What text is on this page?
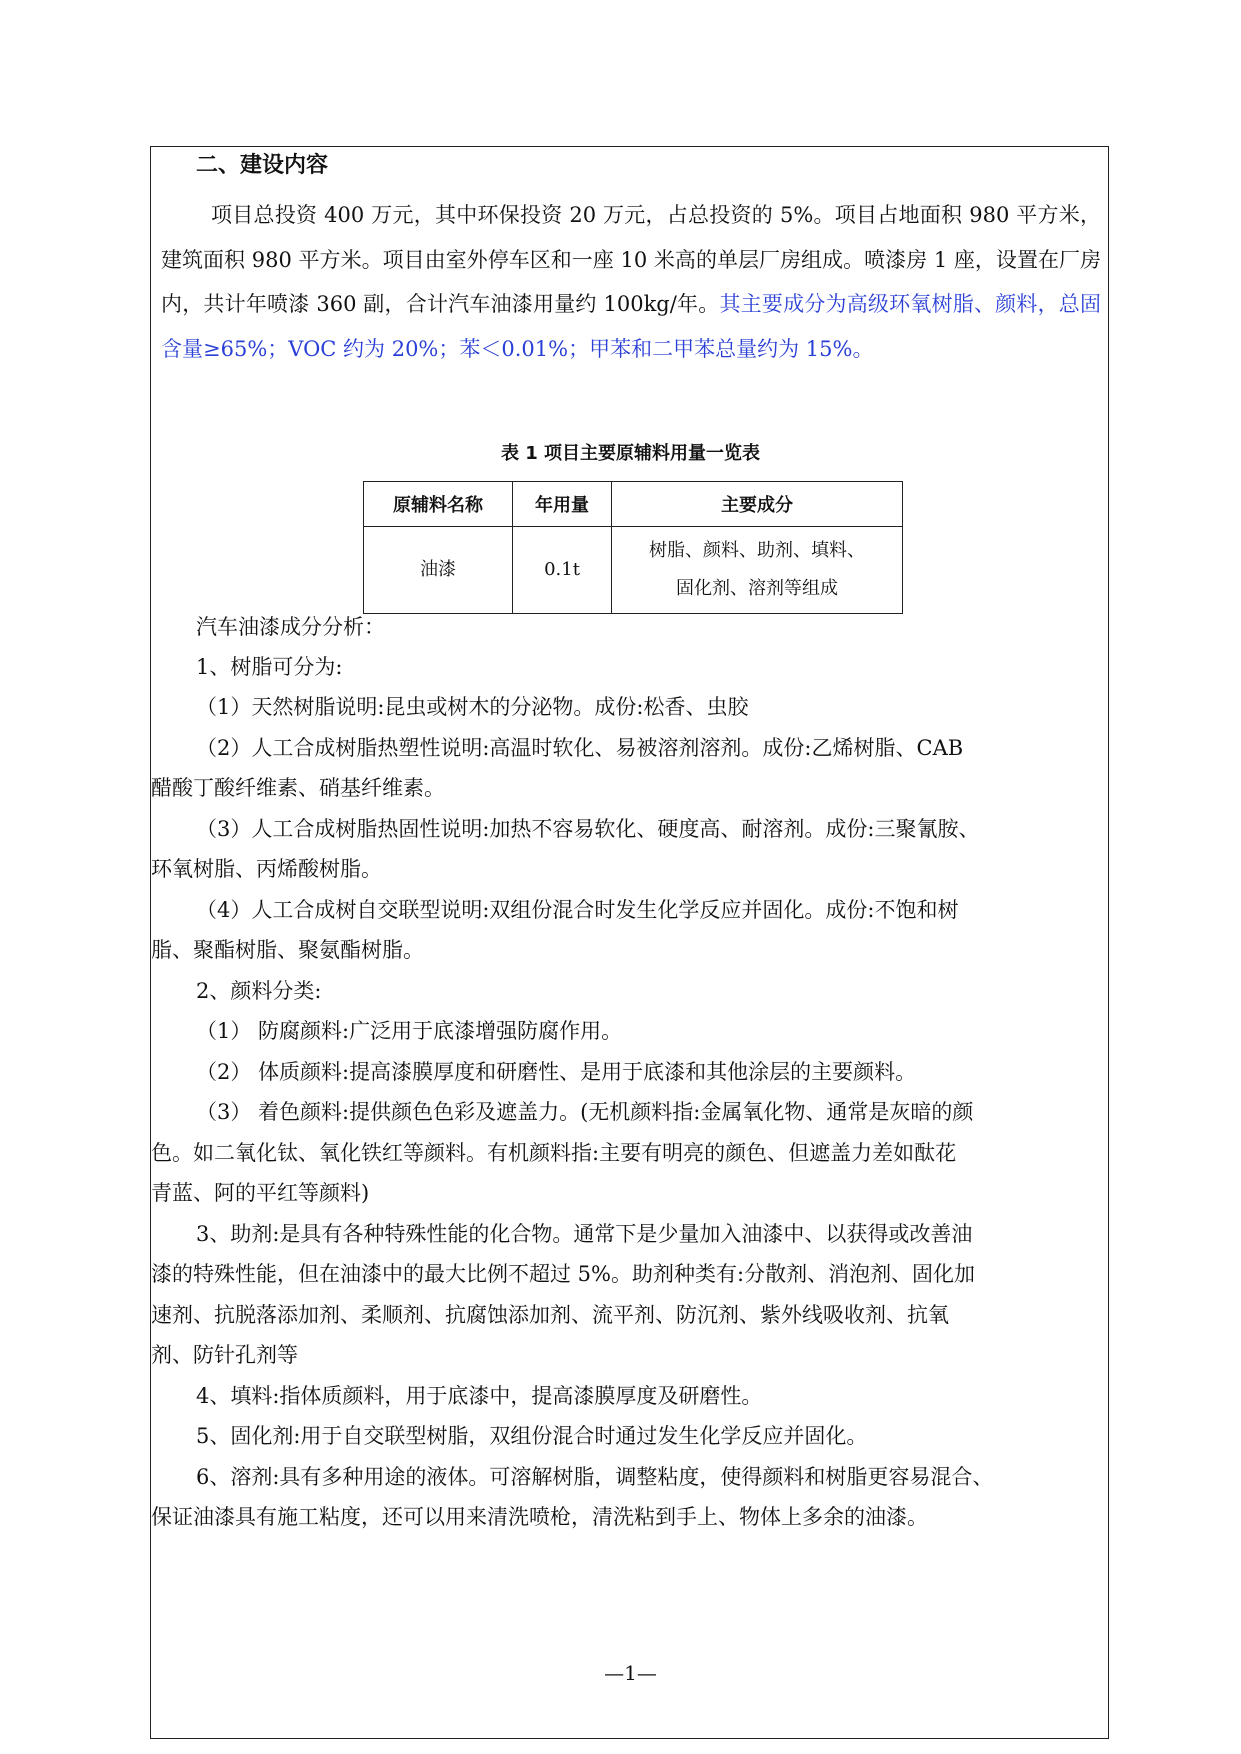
二、建设内容
项目总投资 400 万元，其中环保投资 20 万元，占总投资的 5%。项目占地面积 980 平方米，建筑面积 980 平方米。项目由室外停车区和一座 10 米高的单层厂房组成。喷漆房 1 座，设置在厂房内，共计年喷漆 360 副，合计汽车油漆用量约 100kg/年。其主要成分为高级环氧树脂、颜料，总固含量≥65%；VOC 约为 20%；苯＜0.01%；甲苯和二甲苯总量约为 15%。
表 1 项目主要原辅料用量一览表
原辅料名称	年用量	主要成分
油漆	0.1t	树脂、颜料、助剂、填料、
固化剂、溶剂等组成
汽车油漆成分分析：
1、树脂可分为:
（1）天然树脂说明:昆虫或树木的分泌物。成份:松香、虫胶
（2）人工合成树脂热塑性说明:高温时软化、易被溶剂溶剂。成份:乙烯树脂、CAB
醋酸丁酸纤维素、硝基纤维素。
（3）人工合成树脂热固性说明:加热不容易软化、硬度高、耐溶剂。成份:三聚氰胺、
环氧树脂、丙烯酸树脂。
（4）人工合成树自交联型说明:双组份混合时发生化学反应并固化。成份:不饱和树
脂、聚酯树脂、聚氨酯树脂。
2、颜料分类:
（1） 防腐颜料:广泛用于底漆增强防腐作用。
（2） 体质颜料:提高漆膜厚度和研磨性、是用于底漆和其他涂层的主要颜料。
（3） 着色颜料:提供颜色色彩及遮盖力。(无机颜料指:金属氧化物、通常是灰暗的颜
色。如二氧化钛、氧化铁红等颜料。有机颜料指:主要有明亮的颜色、但遮盖力差如酞花
青蓝、阿的平红等颜料)
3、助剂:是具有各种特殊性能的化合物。通常下是少量加入油漆中、以获得或改善油
漆的特殊性能，但在油漆中的最大比例不超过 5%。助剂种类有:分散剂、消泡剂、固化加
速剂、抗脱落添加剂、柔顺剂、抗腐蚀添加剂、流平剂、防沉剂、紫外线吸收剂、抗氧
剂、防针孔剂等
4、填料:指体质颜料，用于底漆中，提高漆膜厚度及研磨性。
5、固化剂:用于自交联型树脂，双组份混合时通过发生化学反应并固化。
6、溶剂:具有多种用途的液体。可溶解树脂，调整粘度，使得颜料和树脂更容易混合、
保证油漆具有施工粘度，还可以用来清洗喷枪，清洗粘到手上、物体上多余的油漆。
—1—
